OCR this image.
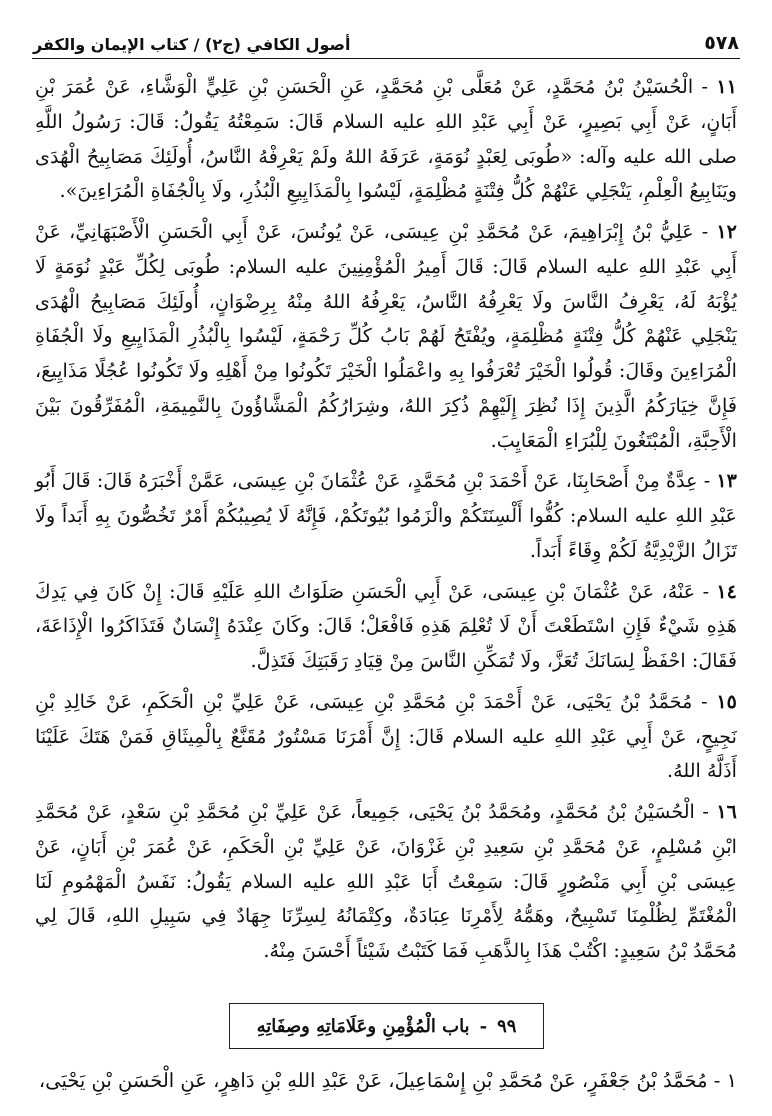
٥٧٨
أصول الكافي (ج٢) / كتاب الإيمان والكفر

١١ - الْحُسَيْنُ بْنُ مُحَمَّدٍ، عَنْ مُعَلَّى بْنِ مُحَمَّدٍ، عَنِ الْحَسَنِ بْنِ عَلِيٍّ الْوَشَّاءِ، عَنْ عُمَرَ بْنِ أَبَانٍ، عَنْ أَبِي بَصِيرٍ، عَنْ أَبِي عَبْدِ اللهِ عليه السلام قَالَ: سَمِعْتُهُ يَقُولُ: قَالَ: رَسُولُ اللَّهِ صلى الله عليه وآله: «طُوبَى لِعَبْدٍ نُوَمَةٍ، عَرَفَهُ اللهُ ولَمْ يَعْرِفْهُ النَّاسُ، أُولَئِكَ مَصَابِيحُ الْهُدَى ويَنَابِيعُ الْعِلْمِ، يَنْجَلِي عَنْهُمْ كُلُّ فِتْنَةٍ مُظْلِمَةٍ، لَيْسُوا بِالْمَذَايِيعِ الْبُذُرِ، ولَا بِالْجُفَاةِ الْمُرَاءِينَ».

١٢ - عَلِيُّ بْنُ إِبْرَاهِيمَ، عَنْ مُحَمَّدِ بْنِ عِيسَى، عَنْ يُونُسَ، عَنْ أَبِي الْحَسَنِ الْأَصْبَهَانِيِّ، عَنْ أَبِي عَبْدِ اللهِ عليه السلام قَالَ: قَالَ أَمِيرُ الْمُؤْمِنِينَ عليه السلام: طُوبَى لِكُلِّ عَبْدٍ نُوَمَةٍ لَا يُؤْبَهُ لَهُ، يَعْرِفُ النَّاسَ ولَا يَعْرِفُهُ النَّاسُ، يَعْرِفُهُ اللهُ مِنْهُ بِرِضْوَانٍ، أُولَئِكَ مَصَابِيحُ الْهُدَى يَنْجَلِي عَنْهُمْ كُلُّ فِتْنَةٍ مُظْلِمَةٍ، ويُفْتَحُ لَهُمْ بَابُ كُلِّ رَحْمَةٍ، لَيْسُوا بِالْبُذُرِ الْمَذَايِيعِ ولَا الْجُفَاةِ الْمُرَاءِينَ وقَالَ: قُولُوا الْخَيْرَ تُعْرَفُوا بِهِ واعْمَلُوا الْخَيْرَ تَكُونُوا مِنْ أَهْلِهِ ولَا تَكُونُوا عُجُلًا مَذَايِيعَ، فَإِنَّ خِيَارَكُمُ الَّذِينَ إِذَا نُظِرَ إِلَيْهِمْ ذُكِرَ اللهُ، وشِرَارُكُمُ الْمَشَّاؤُونَ بِالنَّمِيمَةِ، الْمُفَرِّقُونَ بَيْنَ الْأَحِبَّةِ، الْمُبْتَغُونَ لِلْبُرَاءِ الْمَعَايِبَ.

١٣ - عِدَّةٌ مِنْ أَصْحَابِنَا، عَنْ أَحْمَدَ بْنِ مُحَمَّدٍ، عَنْ عُثْمَانَ بْنِ عِيسَى، عَمَّنْ أَخْبَرَهُ قَالَ: قَالَ أَبُو عَبْدِ اللهِ عليه السلام: كُفُّوا أَلْسِنَتَكُمْ والْزَمُوا بُيُوتَكُمْ، فَإِنَّهُ لَا يُصِيبُكُمْ أَمْرٌ تَخُصُّونَ بِهِ أَبَداً ولَا تَزَالُ الزَّيْدِيَّةُ لَكُمْ وِقَاءً أَبَداً.

١٤ - عَنْهُ، عَنْ عُثْمَانَ بْنِ عِيسَى، عَنْ أَبِي الْحَسَنِ صَلَوَاتُ اللهِ عَلَيْهِ قَالَ: إِنْ كَانَ فِي يَدِكَ هَذِهِ شَيْءٌ فَإِنِ اسْتَطَعْتَ أَنْ لَا تُعْلِمَ هَذِهِ فَافْعَلْ؛ قَالَ: وكَانَ عِنْدَهُ إِنْسَانٌ فَتَذَاكَرُوا الْإِذَاعَةَ، فَقَالَ: احْفَظْ لِسَانَكَ تُعَزَّ، ولَا تُمَكِّنِ النَّاسَ مِنْ قِيَادِ رَقَبَتِكَ فَتَذِلَّ.

١٥ - مُحَمَّدُ بْنُ يَحْيَى، عَنْ أَحْمَدَ بْنِ مُحَمَّدِ بْنِ عِيسَى، عَنْ عَلِيِّ بْنِ الْحَكَمِ، عَنْ خَالِدِ بْنِ نَجِيحٍ، عَنْ أَبِي عَبْدِ اللهِ عليه السلام قَالَ: إِنَّ أَمْرَنَا مَسْتُورٌ مُقَنَّعٌ بِالْمِيثَاقِ فَمَنْ هَتَكَ عَلَيْنَا أَذَلَّهُ اللهُ.

١٦ - الْحُسَيْنُ بْنُ مُحَمَّدٍ، ومُحَمَّدُ بْنُ يَحْيَى، جَمِيعاً، عَنْ عَلِيِّ بْنِ مُحَمَّدِ بْنِ سَعْدٍ، عَنْ مُحَمَّدِ ابْنِ مُسْلِمٍ، عَنْ مُحَمَّدِ بْنِ سَعِيدِ بْنِ غَزْوَانَ، عَنْ عَلِيِّ بْنِ الْحَكَمِ، عَنْ عُمَرَ بْنِ أَبَانٍ، عَنْ عِيسَى بْنِ أَبِي مَنْصُورٍ قَالَ: سَمِعْتُ أَبَا عَبْدِ اللهِ عليه السلام يَقُولُ: نَفَسُ الْمَهْمُومِ لَنَا الْمُغْتَمِّ لِظُلْمِنَا تَسْبِيحٌ، وهَمُّهُ لِأَمْرِنَا عِبَادَةٌ، وكِتْمَانُهُ لِسِرِّنَا جِهَادٌ فِي سَبِيلِ اللهِ، قَالَ لِي مُحَمَّدُ بْنُ سَعِيدٍ: اكْتُبْ هَذَا بِالذَّهَبِ فَمَا كَتَبْتُ شَيْئاً أَحْسَنَ مِنْهُ.

٩٩
-
باب الْمُؤْمِنِ وعَلَامَاتِهِ وصِفَاتِهِ
١ - مُحَمَّدُ بْنُ جَعْفَرٍ، عَنْ مُحَمَّدِ بْنِ إِسْمَاعِيلَ، عَنْ عَبْدِ اللهِ بْنِ دَاهِرٍ، عَنِ الْحَسَنِ بْنِ يَحْيَى،
